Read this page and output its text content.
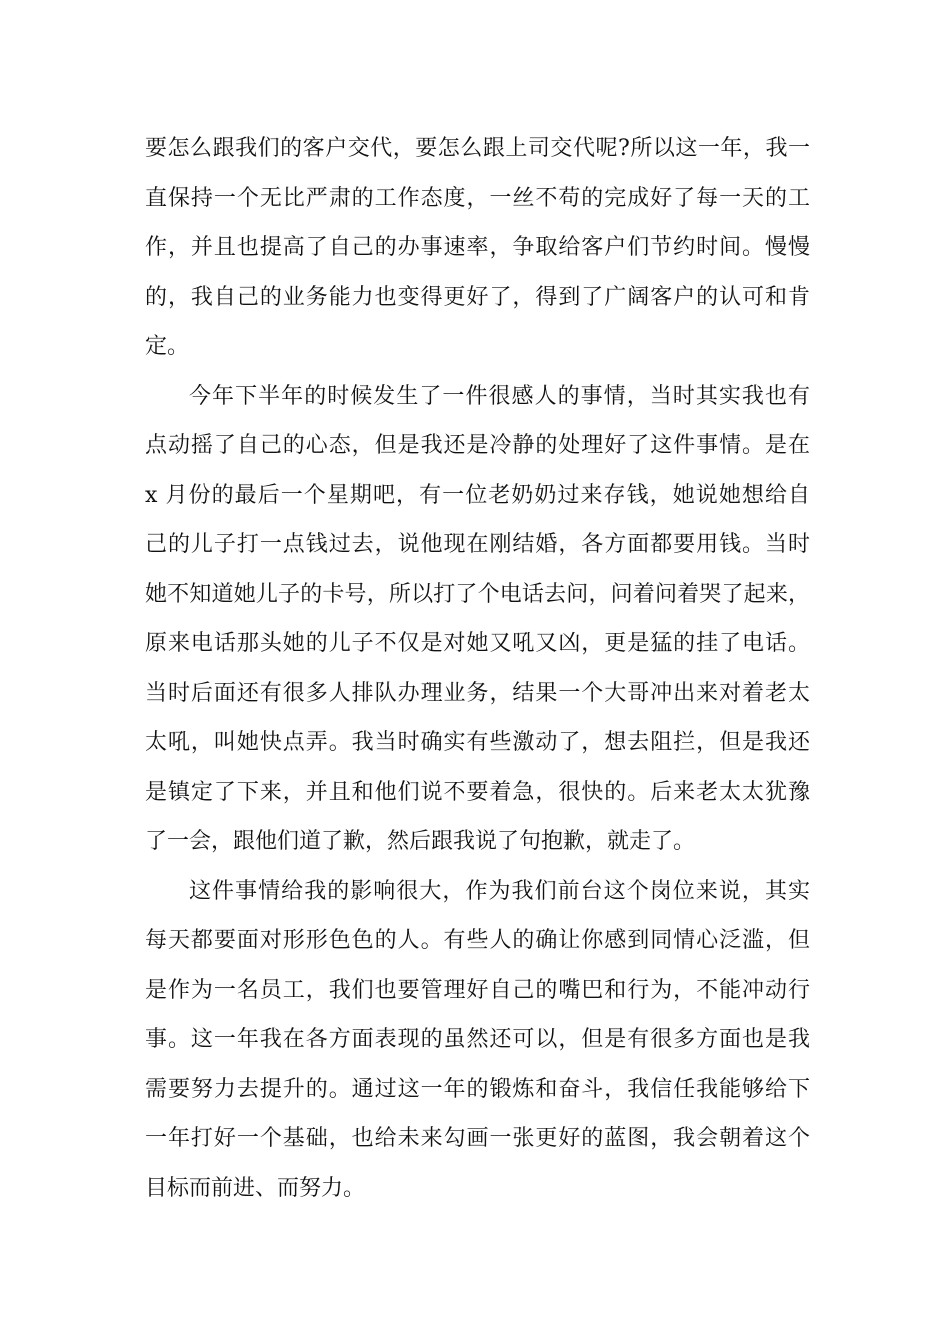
要怎么跟我们的客户交代，要怎么跟上司交代呢?所以这一年，我一
直保持一个无比严肃的工作态度，一丝不苟的完成好了每一天的工
作，并且也提高了自己的办事速率，争取给客户们节约时间。慢慢
的，我自己的业务能力也变得更好了，得到了广阔客户的认可和肯
定。
今年下半年的时候发生了一件很感人的事情，当时其实我也有
点动摇了自己的心态，但是我还是冷静的处理好了这件事情。是在
x 月份的最后一个星期吧，有一位老奶奶过来存钱，她说她想给自
己的儿子打一点钱过去，说他现在刚结婚，各方面都要用钱。当时
她不知道她儿子的卡号，所以打了个电话去问，问着问着哭了起来，
原来电话那头她的儿子不仅是对她又吼又凶，更是猛的挂了电话。
当时后面还有很多人排队办理业务，结果一个大哥冲出来对着老太
太吼，叫她快点弄。我当时确实有些激动了，想去阻拦，但是我还
是镇定了下来，并且和他们说不要着急，很快的。后来老太太犹豫
了一会，跟他们道了歉，然后跟我说了句抱歉，就走了。
这件事情给我的影响很大，作为我们前台这个岗位来说，其实
每天都要面对形形色色的人。有些人的确让你感到同情心泛滥，但
是作为一名员工，我们也要管理好自己的嘴巴和行为，不能冲动行
事。这一年我在各方面表现的虽然还可以，但是有很多方面也是我
需要努力去提升的。通过这一年的锻炼和奋斗，我信任我能够给下
一年打好一个基础，也给未来勾画一张更好的蓝图，我会朝着这个
目标而前进、而努力。
